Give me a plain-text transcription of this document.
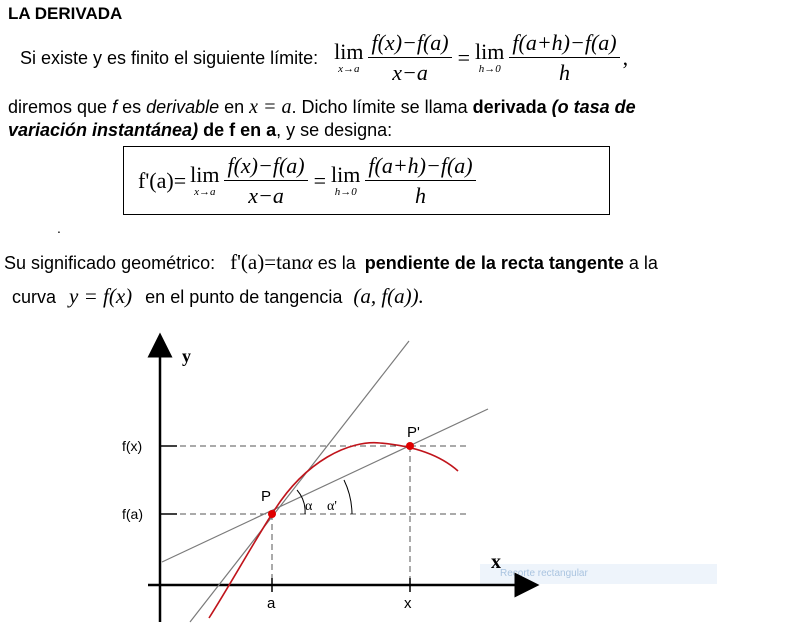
LA DERIVADA
Si existe y es finito el siguiente límite: lim
$x\to a \frac{f(x)-f(a)}{x-a} = \lim$
$h\to 0 \frac{f(a+h)-f(a)}{h}$ ,
diremos que f es derivable en x = a. Dicho límite se llama derivada (o tasa de
variación instantánea) de f en a, y se designa:
f'(a)= lim
$x\to a \frac{f(x)-f(a)}{x-a} = \lim$
$h\to 0 \frac{f(a+h)-f(a)}{h}$
.
Su significado geométrico: f'(a)=tanα es la pendiente de la recta tangente a la
curva y = f(x) en el punto de tangencia (a, f(a)).
Recorte rectangular
y
x
f(x)
f(a)
a	x
P
P'
α α'
